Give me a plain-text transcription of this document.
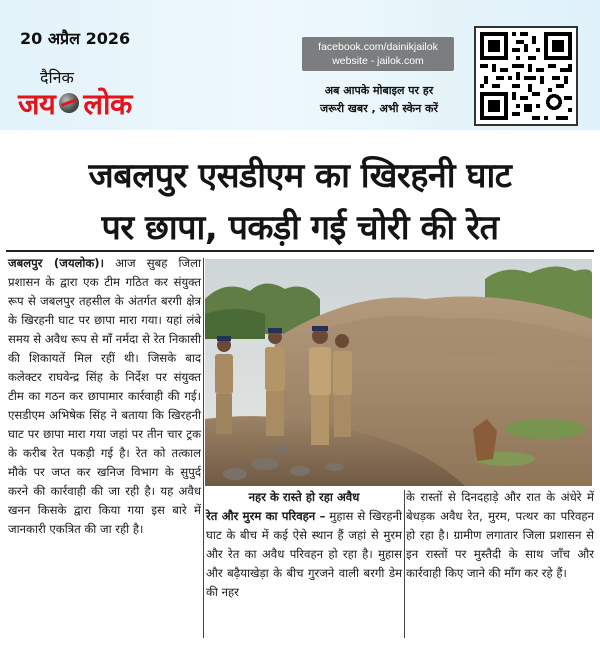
20 अप्रैल 2026
दैनिक
जय लोक
facebook.com/dainikjailok
website - jailok.com
अब आपके मोबाइल पर हर
जरूरी खबर , अभी स्केन करें
जबलपुर एसडीएम का खिरहनी घाट
पर छापा, पकड़ी गई चोरी की रेत
जबलपुर (जयलोक)। आज सुबह जिला प्रशासन के द्वारा एक टीम गठित कर संयुक्त रूप से जबलपुर तहसील के अंतर्गत बरगी क्षेत्र के खिरहनी घाट पर छापा मारा गया। यहां लंबे समय से अवैध रूप से माँ नर्मदा से रेत निकासी की शिकायतें मिल रहीं थी। जिसके बाद कलेक्टर राघवेन्द्र सिंह के निर्देश पर संयुक्त टीम का गठन कर छापामार कार्रवाही की गई। एसडीएम अभिषेक सिंह ने बताया कि खिरहनी घाट पर छापा मारा गया जहां पर तीन चार ट्रक के करीब रेत पकड़ी गई है। रेत को तत्काल मौके पर जप्त कर खनिज विभाग के सुपुर्द करने की कार्रवाही की जा रही है। यह अवैध खनन किसके द्वारा किया गया इस बारे में जानकारी एकत्रित की जा रही है।
नहर के रास्ते हो रहा अवैध
रेत और मुरम का परिवहन – मुहास से खिरहनी घाट के बीच में कई ऐसे स्थान हैं जहां से मुरम और रेत का अवैध परिवहन हो रहा है। मुहास और बढ़ैयाखेड़ा के बीच गुरजने वाली बरगी डेम की नहर
के रास्तों से दिनदहाड़े और रात के अंधेरे में बेधड़क अवैध रेत, मुरम, पत्थर का परिवहन हो रहा है। ग्रामीण लगातार जिला प्रशासन से इन रास्तों पर मुस्तैदी के साथ जाँच और कार्रवाही किए जाने की माँग कर रहे हैं।
